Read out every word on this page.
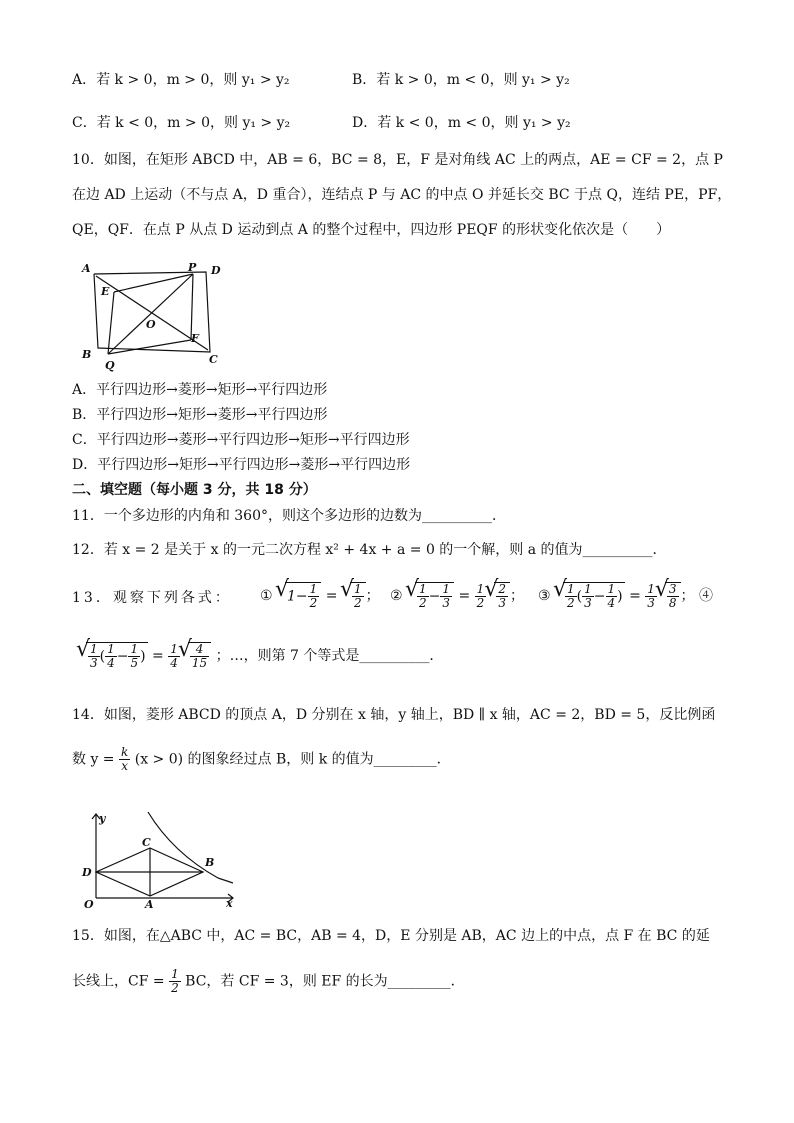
A．若 k > 0，m > 0，则 y₁ > y₂	B．若 k > 0，m < 0，则 y₁ > y₂
C．若 k < 0，m > 0，则 y₁ > y₂	D．若 k < 0，m < 0，则 y₁ > y₂
10．如图，在矩形 ABCD 中，AB = 6，BC = 8，E，F 是对角线 AC 上的两点，AE = CF = 2，点 P
在边 AD 上运动（不与点 A，D 重合），连结点 P 与 AC 的中点 O 并延长交 BC 于点 Q，连结 PE，PF，
QE，QF．在点 P 从点 D 运动到点 A 的整个过程中，四边形 PEQF 的形状变化依次是（　　）
A	P D
E
O
F
B
Q	C
A．平行四边形→菱形→矩形→平行四边形
B．平行四边形→矩形→菱形→平行四边形
C．平行四边形→菱形→平行四边形→矩形→平行四边形
D．平行四边形→矩形→平行四边形→菱形→平行四边形
二、填空题（每小题 3 分，共 18 分）
11．一个多边形的内角和 360°，则这个多边形的边数为__________．
12．若 x = 2 是关于 x 的一元二次方程 x² + 4x + a = 0 的一个解，则 a 的值为__________．
13．观察下列各式： ① √ $1- \frac{1}{2}$ = √ $\frac{1}{2}$ ； ② √ $\frac{1}{2} - \frac{1}{3} = \frac{1}{2}$ √ $\frac{2}{3}$ ； ③ √ $\frac{1}{2}$ ( $\frac{1}{3} - \frac{1}{4}$ ) = $\frac{1}{3}$ √ $\frac{3}{8}$ ； ④
√ $\frac{1}{3}$ ( $\frac{1}{4} - \frac{1}{5}$ ) = $\frac{1}{4}$ √ $\frac{4}{15}$ ；…，则第 7 个等式是__________．
14．如图，菱形 ABCD 的顶点 A，D 分别在 x 轴，y 轴上，BD ∥ x 轴，AC = 2，BD = 5，反比例函
数 $y = \frac{k}{x} (x > 0)$ 的图象经过点 B，则 k 的值为_________．
y
x
O	A
B
C
D
15．如图，在△ABC 中，AC = BC，AB = 4，D，E 分别是 AB，AC 边上的中点，点 F 在 BC 的延
长线上，CF = $\frac{1}{2}$ BC，若 CF = 3，则 EF 的长为_________．
